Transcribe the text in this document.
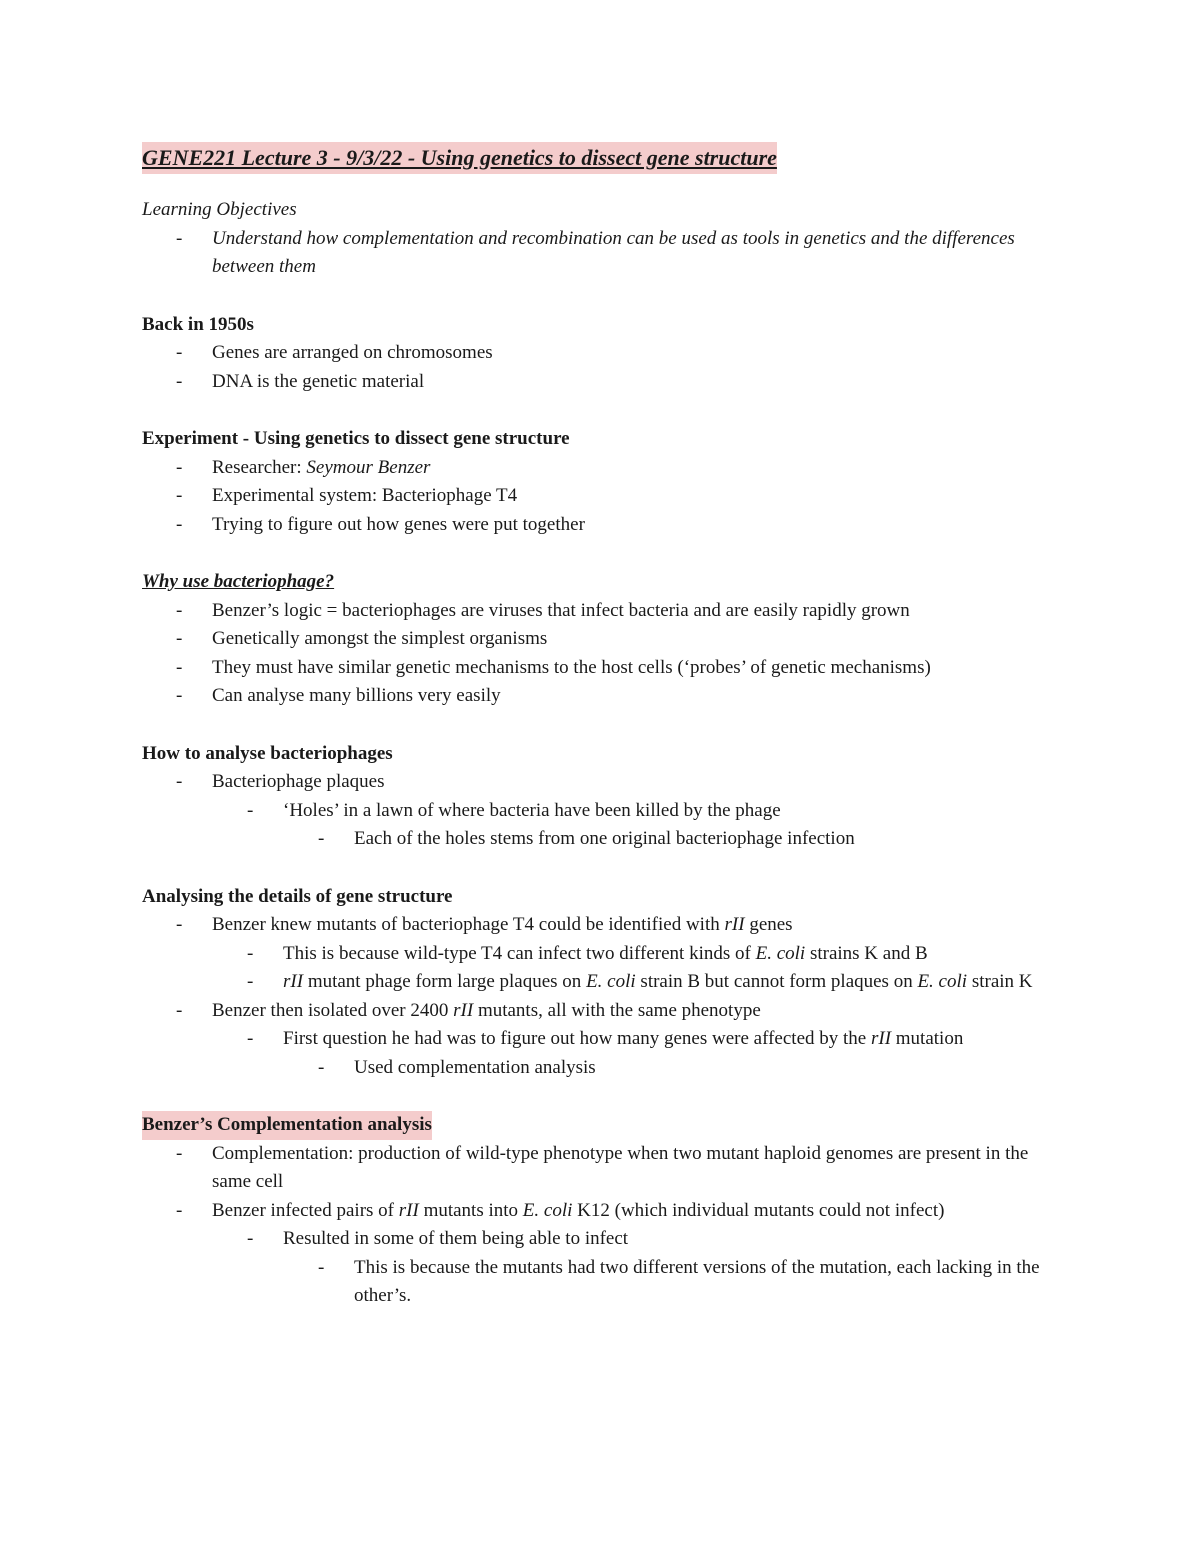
GENE221 Lecture 3 - 9/3/22 - Using genetics to dissect gene structure
Learning Objectives
- Understand how complementation and recombination can be used as tools in genetics and the differences between them
Back in 1950s
- Genes are arranged on chromosomes
- DNA is the genetic material
Experiment - Using genetics to dissect gene structure
- Researcher: Seymour Benzer
- Experimental system: Bacteriophage T4
- Trying to figure out how genes were put together
Why use bacteriophage?
- Benzer’s logic = bacteriophages are viruses that infect bacteria and are easily rapidly grown
- Genetically amongst the simplest organisms
- They must have similar genetic mechanisms to the host cells (‘probes’ of genetic mechanisms)
- Can analyse many billions very easily
How to analyse bacteriophages
- Bacteriophage plaques
- ‘Holes’ in a lawn of where bacteria have been killed by the phage
- Each of the holes stems from one original bacteriophage infection
Analysing the details of gene structure
- Benzer knew mutants of bacteriophage T4 could be identified with rII genes
- This is because wild-type T4 can infect two different kinds of E. coli strains K and B
- rII mutant phage form large plaques on E. coli strain B but cannot form plaques on E. coli strain K
- Benzer then isolated over 2400 rII mutants, all with the same phenotype
- First question he had was to figure out how many genes were affected by the rII mutation
- Used complementation analysis
Benzer’s Complementation analysis
- Complementation: production of wild-type phenotype when two mutant haploid genomes are present in the same cell
- Benzer infected pairs of rII mutants into E. coli K12 (which individual mutants could not infect)
- Resulted in some of them being able to infect
- This is because the mutants had two different versions of the mutation, each lacking in the other’s.
